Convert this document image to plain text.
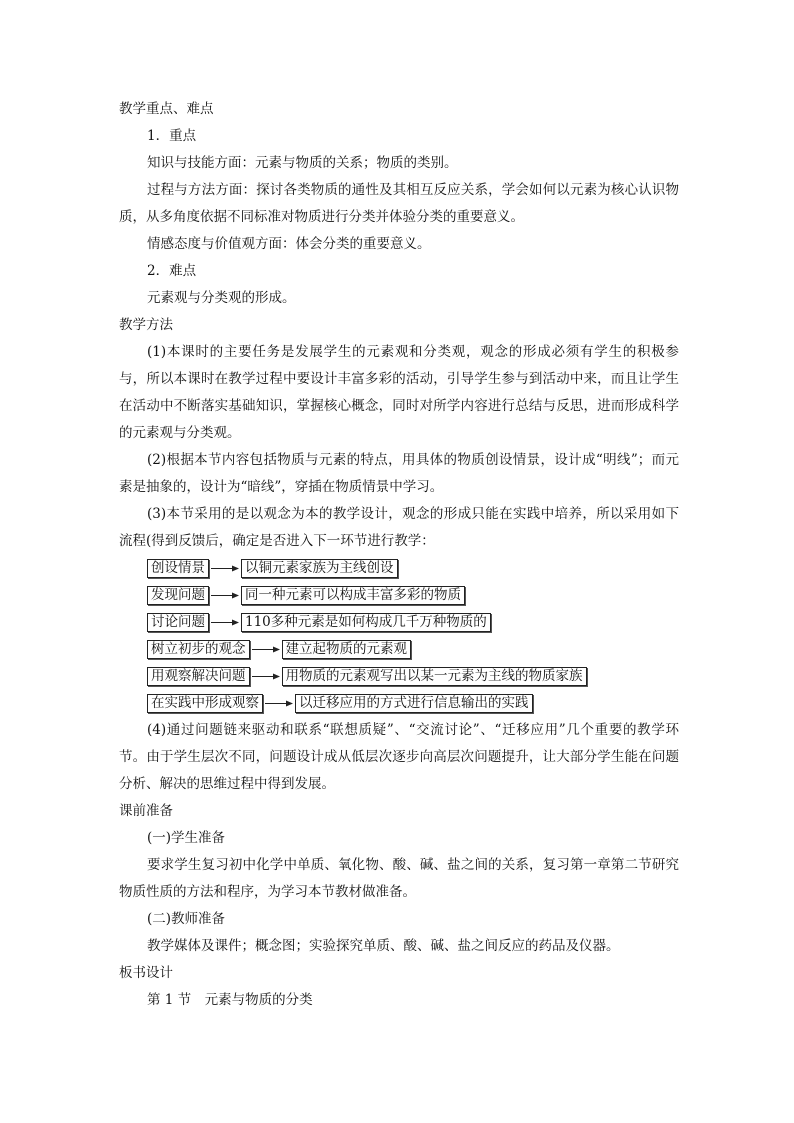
教学重点、难点
1．重点
知识与技能方面：元素与物质的关系；物质的类别。
过程与方法方面：探讨各类物质的通性及其相互反应关系，学会如何以元素为核心认识物质，从多角度依据不同标准对物质进行分类并体验分类的重要意义。
情感态度与价值观方面：体会分类的重要意义。
2．难点
元素观与分类观的形成。
教学方法
(1)本课时的主要任务是发展学生的元素观和分类观，观念的形成必须有学生的积极参与，所以本课时在教学过程中要设计丰富多彩的活动，引导学生参与到活动中来，而且让学生在活动中不断落实基础知识，掌握核心概念，同时对所学内容进行总结与反思，进而形成科学的元素观与分类观。
(2)根据本节内容包括物质与元素的特点，用具体的物质创设情景，设计成“明线”；而元素是抽象的，设计为“暗线”，穿插在物质情景中学习。
(3)本节采用的是以观念为本的教学设计，观念的形成只能在实践中培养，所以采用如下流程(得到反馈后，确定是否进入下一环节进行教学：
创设情景	以铜元素家族为主线创设
发现问题	同一种元素可以构成丰富多彩的物质
讨论问题	110多种元素是如何构成几千万种物质的
树立初步的观念	建立起物质的元素观
用观察解决问题	用物质的元素观写出以某一元素为主线的物质家族
在实践中形成观察	以迁移应用的方式进行信息输出的实践
(4)通过问题链来驱动和联系“联想质疑”、“交流讨论”、“迁移应用”几个重要的教学环节。由于学生层次不同，问题设计成从低层次逐步向高层次问题提升，让大部分学生能在问题分析、解决的思维过程中得到发展。
课前准备
(一)学生准备
要求学生复习初中化学中单质、氧化物、酸、碱、盐之间的关系，复习第一章第二节研究物质性质的方法和程序，为学习本节教材做准备。
(二)教师准备
教学媒体及课件；概念图；实验探究单质、酸、碱、盐之间反应的药品及仪器。
板书设计
第 1 节　元素与物质的分类
